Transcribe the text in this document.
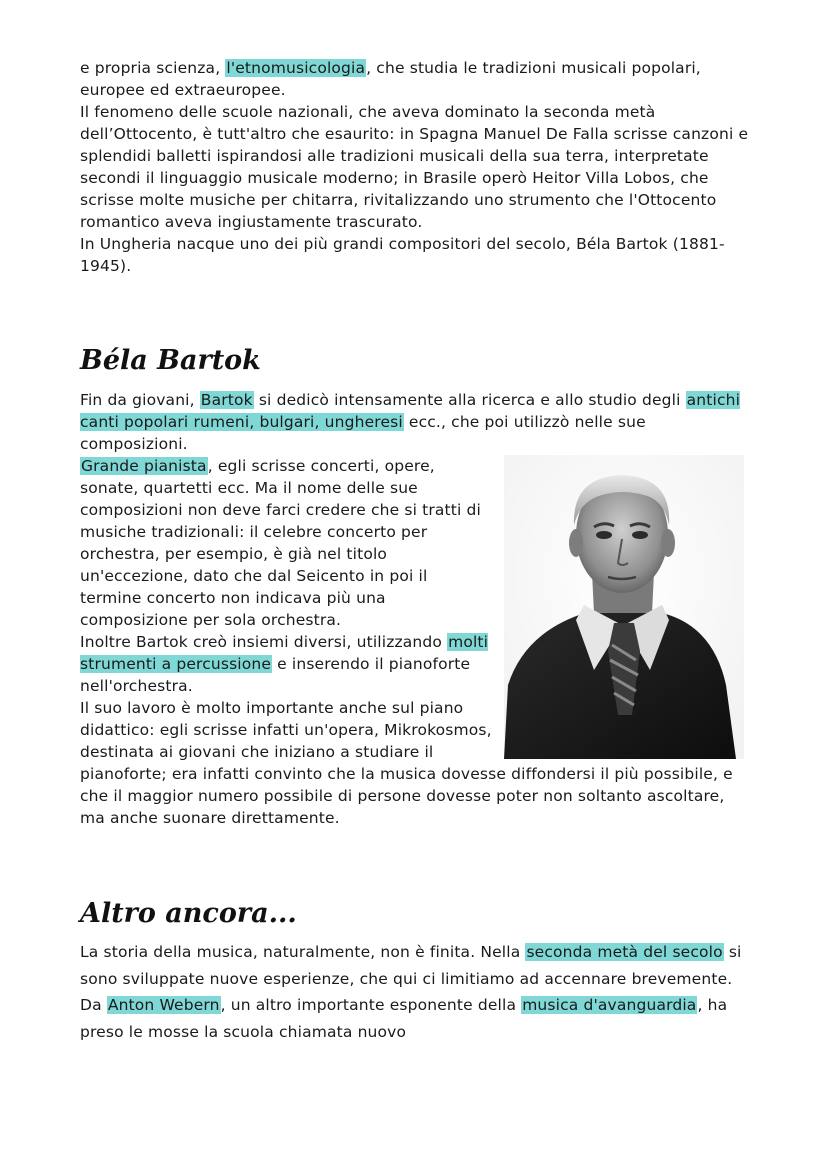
e propria scienza, l'etnomusicologia, che studia le tradizioni musicali popolari, europee ed extraeuropee.

Il fenomeno delle scuole nazionali, che aveva dominato la seconda metà dell’Ottocento, è tutt'altro che esaurito: in Spagna Manuel De Falla scrisse canzoni e splendidi balletti ispirandosi alle tradizioni musicali della sua terra, interpretate secondi il linguaggio musicale moderno; in Brasile operò Heitor Villa Lobos, che scrisse molte musiche per chitarra, rivitalizzando uno strumento che l'Ottocento romantico aveva ingiustamente trascurato.

In Ungheria nacque uno dei più grandi compositori del secolo, Béla Bartok (1881-1945).

Béla Bartok

Fin da giovani, Bartok si dedicò intensamente alla ricerca e allo studio degli antichi canti popolari rumeni, bulgari, ungheresi ecc., che poi utilizzò nelle sue composizioni.

Grande pianista, egli scrisse concerti, opere, sonate, quartetti ecc. Ma il nome delle sue composizioni non deve farci credere che si tratti di musiche tradizionali: il celebre concerto per orchestra, per esempio, è già nel titolo un'eccezione, dato che dal Seicento in poi il termine concerto non indicava più una composizione per sola orchestra.

Inoltre Bartok creò insiemi diversi, utilizzando molti strumenti a percussione e inserendo il pianoforte nell'orchestra.

Il suo lavoro è molto importante anche sul piano didattico: egli scrisse infatti un'opera, Mikrokosmos, destinata ai giovani che iniziano a studiare il pianoforte; era infatti convinto che la musica dovesse diffondersi il più possibile, e che il maggior numero possibile di persone dovesse poter non soltanto ascoltare, ma anche suonare direttamente.

Altro ancora...

La storia della musica, naturalmente, non è finita. Nella seconda metà del secolo si sono sviluppate nuove esperienze, che qui ci limitiamo ad accennare brevemente.

Da Anton Webern, un altro importante esponente della musica d'avanguardia, ha preso le mosse la scuola chiamata nuovo
